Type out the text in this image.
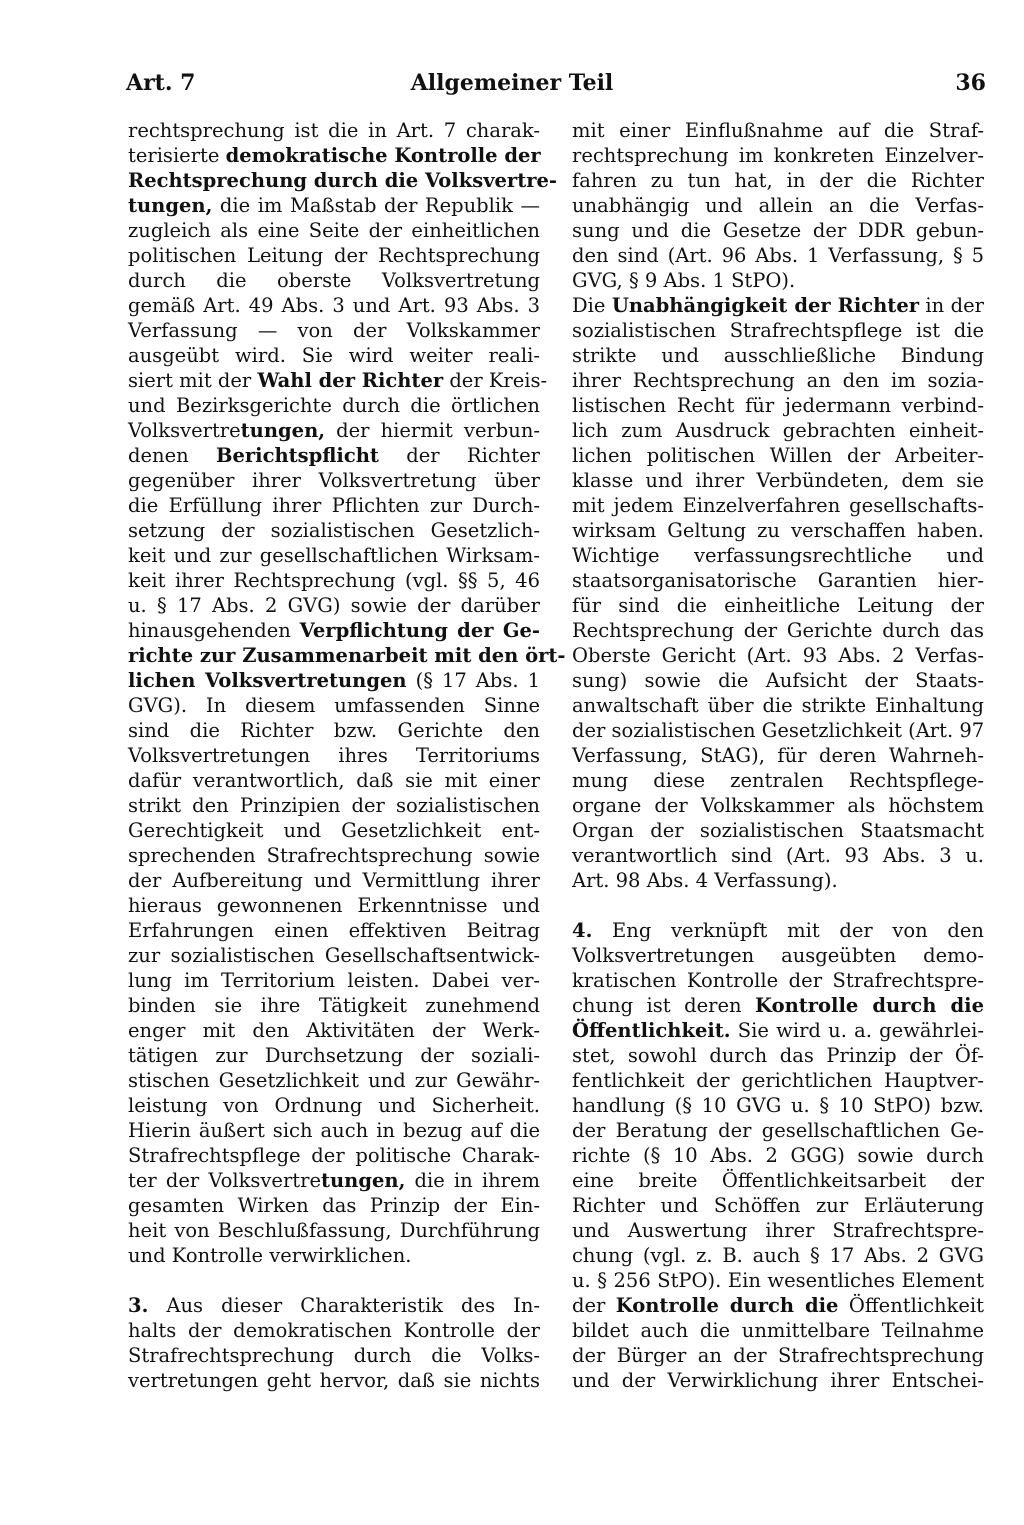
Art. 7	Allgemeiner Teil	36
rechtsprechung ist die in Art. 7 charak-
terisierte demokratische Kontrolle der
Rechtsprechung durch die Volksvertre-
tungen, die im Maßstab der Republik —
zugleich als eine Seite der einheitlichen
politischen Leitung der Rechtsprechung
durch die oberste Volksvertretung
gemäß Art. 49 Abs. 3 und Art. 93 Abs. 3
Verfassung — von der Volkskammer
ausgeübt wird. Sie wird weiter reali-
siert mit der Wahl der Richter der Kreis-
und Bezirksgerichte durch die örtlichen
Volksvertretungen, der hiermit verbun-
denen Berichtspflicht der Richter
gegenüber ihrer Volksvertretung über
die Erfüllung ihrer Pflichten zur Durch-
setzung der sozialistischen Gesetzlich-
keit und zur gesellschaftlichen Wirksam-
keit ihrer Rechtsprechung (vgl. §§ 5, 46
u. § 17 Abs. 2 GVG) sowie der darüber
hinausgehenden Verpflichtung der Ge-
richte zur Zusammenarbeit mit den ört-
lichen Volksvertretungen (§ 17 Abs. 1
GVG). In diesem umfassenden Sinne
sind die Richter bzw. Gerichte den
Volksvertretungen ihres Territoriums
dafür verantwortlich, daß sie mit einer
strikt den Prinzipien der sozialistischen
Gerechtigkeit und Gesetzlichkeit ent-
sprechenden Strafrechtsprechung sowie
der Aufbereitung und Vermittlung ihrer
hieraus gewonnenen Erkenntnisse und
Erfahrungen einen effektiven Beitrag
zur sozialistischen Gesellschaftsentwick-
lung im Territorium leisten. Dabei ver-
binden sie ihre Tätigkeit zunehmend
enger mit den Aktivitäten der Werk-
tätigen zur Durchsetzung der soziali-
stischen Gesetzlichkeit und zur Gewähr-
leistung von Ordnung und Sicherheit.
Hierin äußert sich auch in bezug auf die
Strafrechtspflege der politische Charak-
ter der Volksvertretungen, die in ihrem
gesamten Wirken das Prinzip der Ein-
heit von Beschlußfassung, Durchführung
und Kontrolle verwirklichen.
3. Aus dieser Charakteristik des In-
halts der demokratischen Kontrolle der
Strafrechtsprechung durch die Volks-
vertretungen geht hervor, daß sie nichts
mit einer Einflußnahme auf die Straf-
rechtsprechung im konkreten Einzelver-
fahren zu tun hat, in der die Richter
unabhängig und allein an die Verfas-
sung und die Gesetze der DDR gebun-
den sind (Art. 96 Abs. 1 Verfassung, § 5
GVG, § 9 Abs. 1 StPO).
Die Unabhängigkeit der Richter in der
sozialistischen Strafrechtspflege ist die
strikte und ausschließliche Bindung
ihrer Rechtsprechung an den im sozia-
listischen Recht für jedermann verbind-
lich zum Ausdruck gebrachten einheit-
lichen politischen Willen der Arbeiter-
klasse und ihrer Verbündeten, dem sie
mit jedem Einzelverfahren gesellschafts-
wirksam Geltung zu verschaffen haben.
Wichtige verfassungsrechtliche und
staatsorganisatorische Garantien hier-
für sind die einheitliche Leitung der
Rechtsprechung der Gerichte durch das
Oberste Gericht (Art. 93 Abs. 2 Verfas-
sung) sowie die Aufsicht der Staats-
anwaltschaft über die strikte Einhaltung
der sozialistischen Gesetzlichkeit (Art. 97
Verfassung, StAG), für deren Wahrneh-
mung diese zentralen Rechtspflege-
organe der Volkskammer als höchstem
Organ der sozialistischen Staatsmacht
verantwortlich sind (Art. 93 Abs. 3 u.
Art. 98 Abs. 4 Verfassung).
4. Eng verknüpft mit der von den
Volksvertretungen ausgeübten demo-
kratischen Kontrolle der Strafrechtspre-
chung ist deren Kontrolle durch die
Öffentlichkeit. Sie wird u. a. gewährlei-
stet, sowohl durch das Prinzip der Öf-
fentlichkeit der gerichtlichen Hauptver-
handlung (§ 10 GVG u. § 10 StPO) bzw.
der Beratung der gesellschaftlichen Ge-
richte (§ 10 Abs. 2 GGG) sowie durch
eine breite Öffentlichkeitsarbeit der
Richter und Schöffen zur Erläuterung
und Auswertung ihrer Strafrechtspre-
chung (vgl. z. B. auch § 17 Abs. 2 GVG
u. § 256 StPO). Ein wesentliches Element
der Kontrolle durch die Öffentlichkeit
bildet auch die unmittelbare Teilnahme
der Bürger an der Strafrechtsprechung
und der Verwirklichung ihrer Entschei-
